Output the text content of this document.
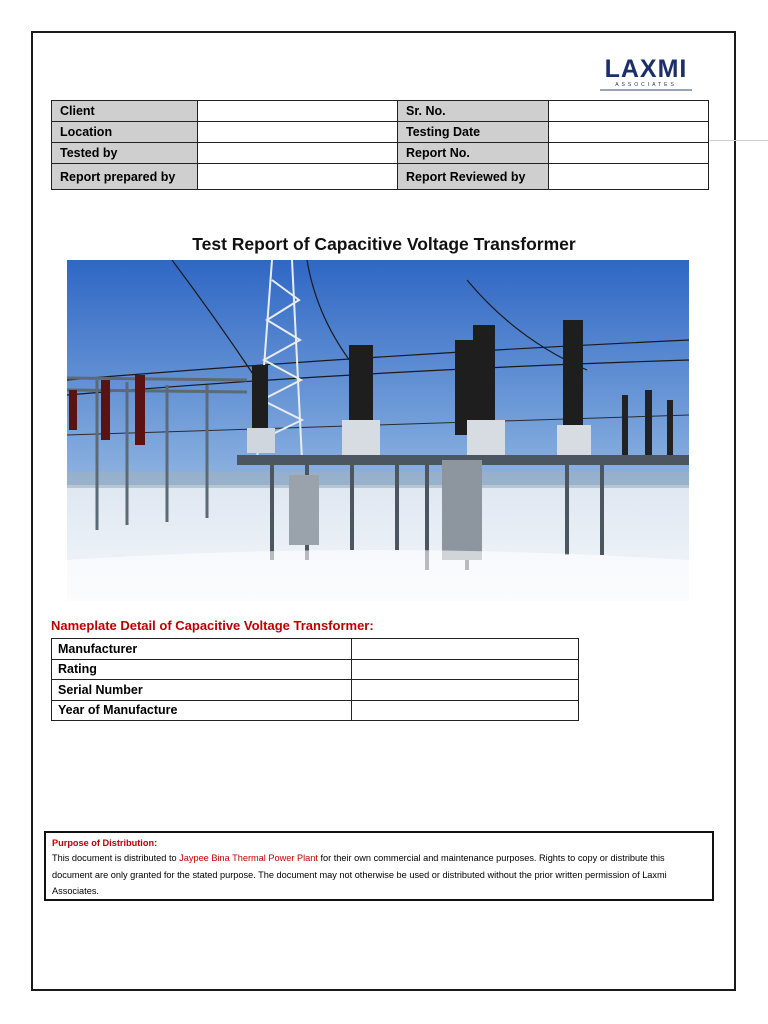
LAXMI
ASSOCIATES
Client		Sr. No.	
Location		Testing Date	
Tested by		Report No.	
Report prepared by		Report Reviewed by	
Test Report of Capacitive Voltage Transformer
Nameplate Detail of Capacitive Voltage Transformer:
Manufacturer	
Rating	
Serial Number	
Year of Manufacture	
Purpose of Distribution:
This document is distributed to Jaypee Bina Thermal Power Plant for their own commercial and maintenance purposes. Rights to copy or distribute this document are only granted for the stated purpose. The document may not otherwise be used or distributed without the prior written permission of Laxmi Associates.
